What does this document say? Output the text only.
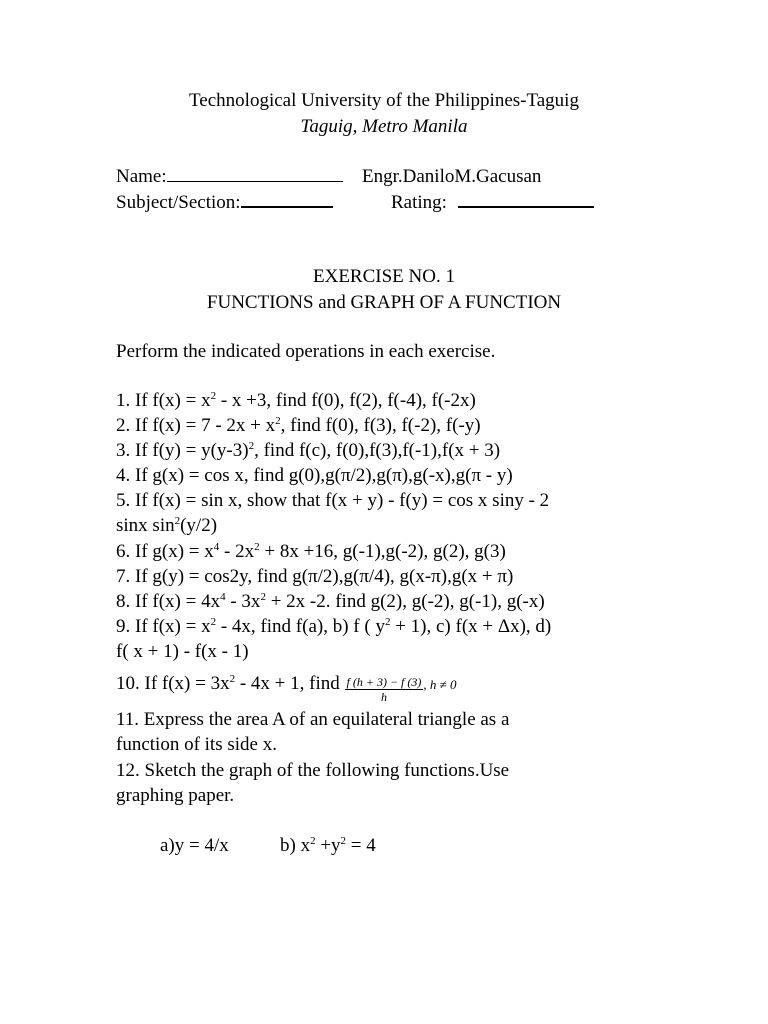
Technological University of the Philippines-Taguig
Taguig, Metro Manila
Name:	Engr.DaniloM.Gacusan
Subject/Section:	Rating:
EXERCISE NO. 1
FUNCTIONS and GRAPH OF A FUNCTION
Perform the indicated operations in each exercise.
1. If $f(x) = x^2 - x +3$, find f(0), f(2), f(-4), f(-2x)
2. If $f(x) = 7 - 2x + x^2$, find f(0), f(3), f(-2), f(-y)
3. If $f(y) = y(y-3)^2$, find f(c), f(0),f(3),f(-1),f(x + 3)
4. If g(x) = cos x, find g(0),g(π/2),g(π),g(-x),g(π - y)
5. If f(x) = sin x, show that f(x + y) - f(y) = cos x siny - 2
sinx $\sin^2(y/2)$
6. If $g(x) = x^4 - 2x^2 + 8x +16$, g(-1),g(-2), g(2), g(3)
7. If g(y) = cos2y, find g(π/2),g(π/4), g(x-π),g(x + π)
8. If $f(x) = 4x^4 - 3x^2 + 2x$ -2. find g(2), g(-2), g(-1), g(-x)
9. If $f(x) = x^2 - 4x$, find f(a), b) f ( $y^2 + 1$), c) f(x + Δx), d)
f( x + 1) - f(x - 1)
10. If $f(x) = 3x^2 - 4x + 1$, find $\frac{f (h + 3) - f (3)}{h}$ , h ≠ 0
11. Express the area A of an equilateral triangle as a
function of its side x.
12. Sketch the graph of the following functions.Use
graphing paper.
a)y = 4/x	b) $x^2 +y^2 = 4$
